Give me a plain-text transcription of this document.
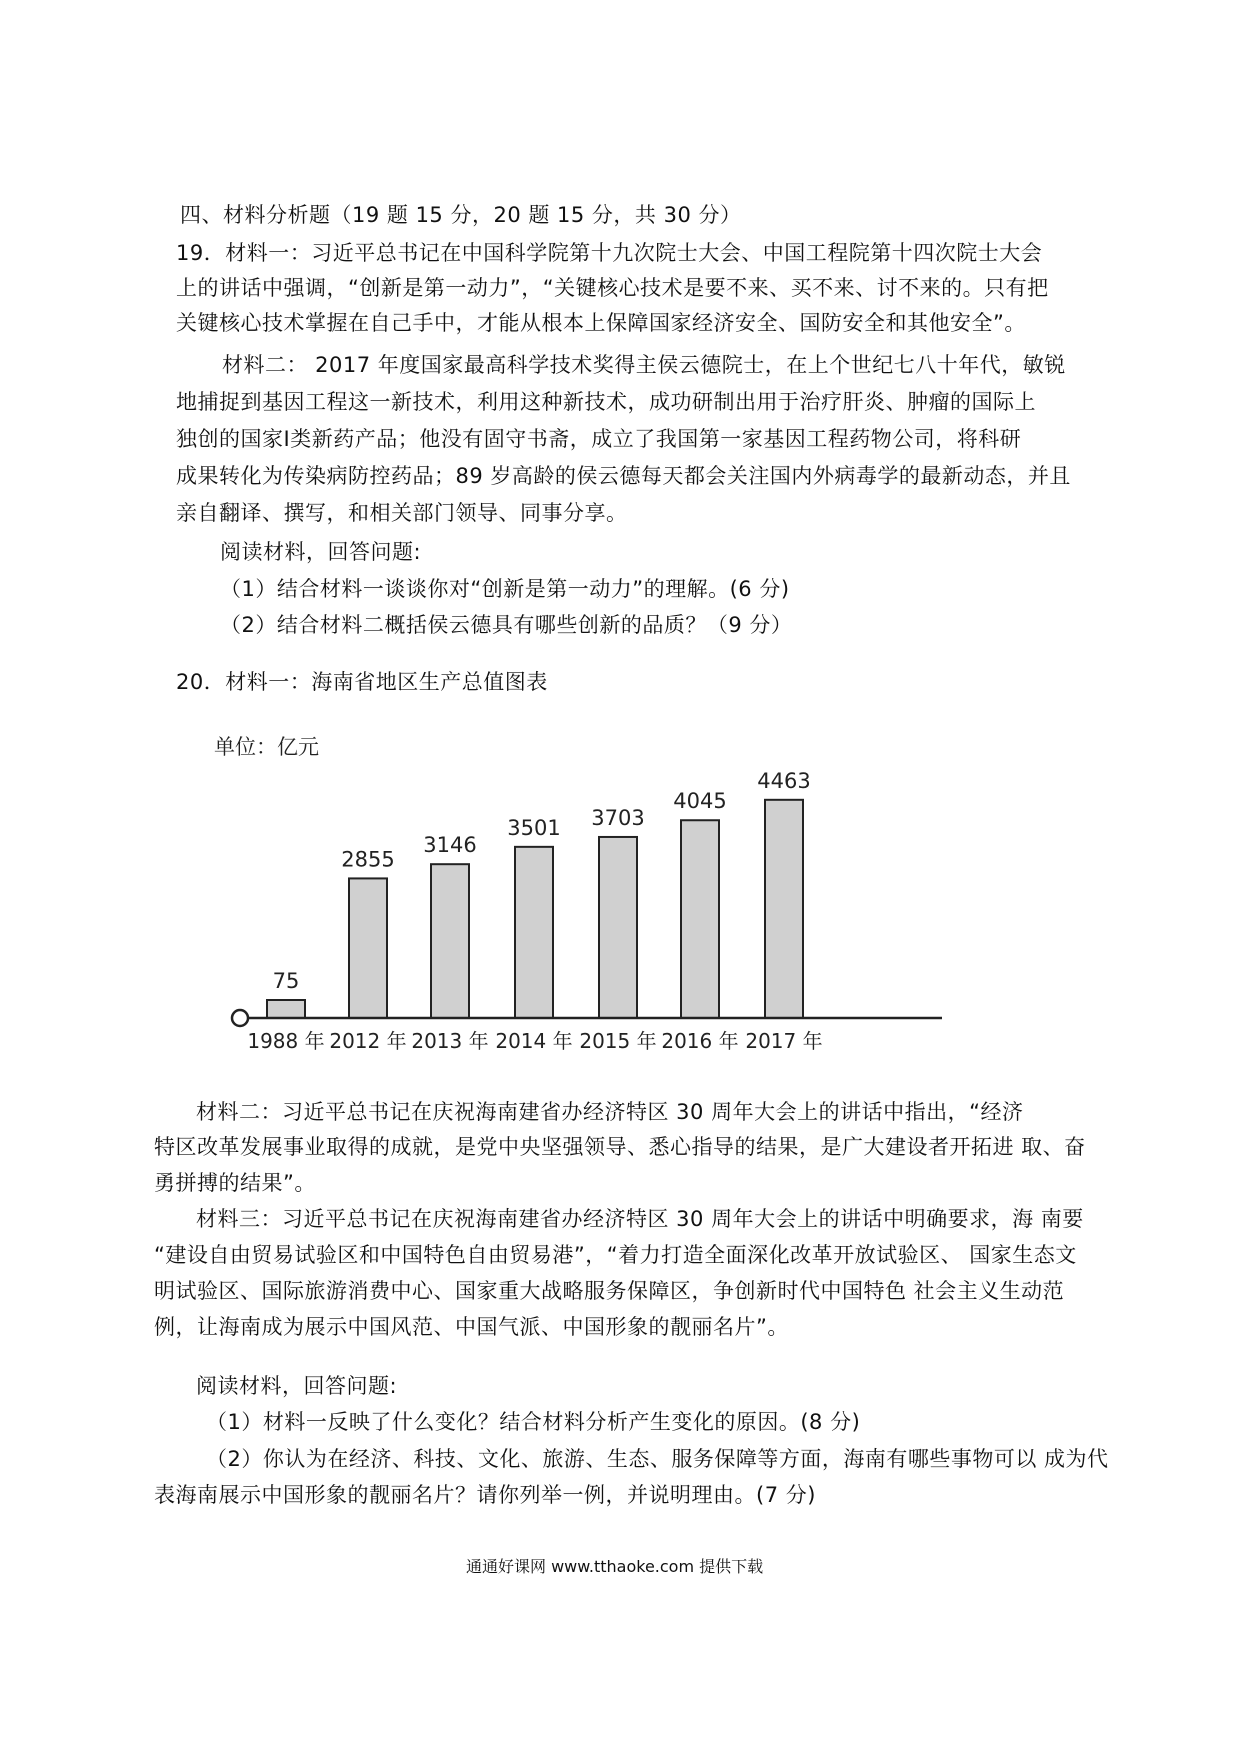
四、材料分析题（19 题 15 分，20 题 15 分，共 30 分）
19．材料一：习近平总书记在中国科学院第十九次院士大会、中国工程院第十四次院士大会
上的讲话中强调，“创新是第一动力”，“关键核心技术是要不来、买不来、讨不来的。只有把
关键核心技术掌握在自己手中，才能从根本上保障国家经济安全、国防安全和其他安全”。
材料二： 2017 年度国家最高科学技术奖得主侯云德院士，在上个世纪七八十年代，敏锐
地捕捉到基因工程这一新技术，利用这种新技术，成功研制出用于治疗肝炎、肿瘤的国际上
独创的国家Ⅰ类新药产品；他没有固守书斋，成立了我国第一家基因工程药物公司，将科研
成果转化为传染病防控药品；89 岁高龄的侯云德每天都会关注国内外病毒学的最新动态，并且
亲自翻译、撰写，和相关部门领导、同事分享。
阅读材料，回答问题:
（1）结合材料一谈谈你对“创新是第一动力”的理解。(6 分)
（2）结合材料二概括侯云德具有哪些创新的品质？（9 分）
20．材料一：海南省地区生产总值图表
单位：亿元
75
1988 年
2855
2012 年
3146
2013 年
3501
2014 年
3703
2015 年
4045
2016 年
4463
2017 年
材料二：习近平总书记在庆祝海南建省办经济特区 30 周年大会上的讲话中指出，“经济
特区改革发展事业取得的成就，是党中央坚强领导、悉心指导的结果，是广大建设者开拓进 取、奋
勇拼搏的结果”。
材料三：习近平总书记在庆祝海南建省办经济特区 30 周年大会上的讲话中明确要求，海 南要
“建设自由贸易试验区和中国特色自由贸易港”，“着力打造全面深化改革开放试验区、 国家生态文
明试验区、国际旅游消费中心、国家重大战略服务保障区，争创新时代中国特色 社会主义生动范
例，让海南成为展示中国风范、中国气派、中国形象的靓丽名片”。
阅读材料，回答问题:
（1）材料一反映了什么变化？结合材料分析产生变化的原因。(8 分)
（2）你认为在经济、科技、文化、旅游、生态、服务保障等方面，海南有哪些事物可以 成为代
表海南展示中国形象的靓丽名片？请你列举一例，并说明理由。(7 分)
通通好课网 www.tthaoke.com 提供下载
